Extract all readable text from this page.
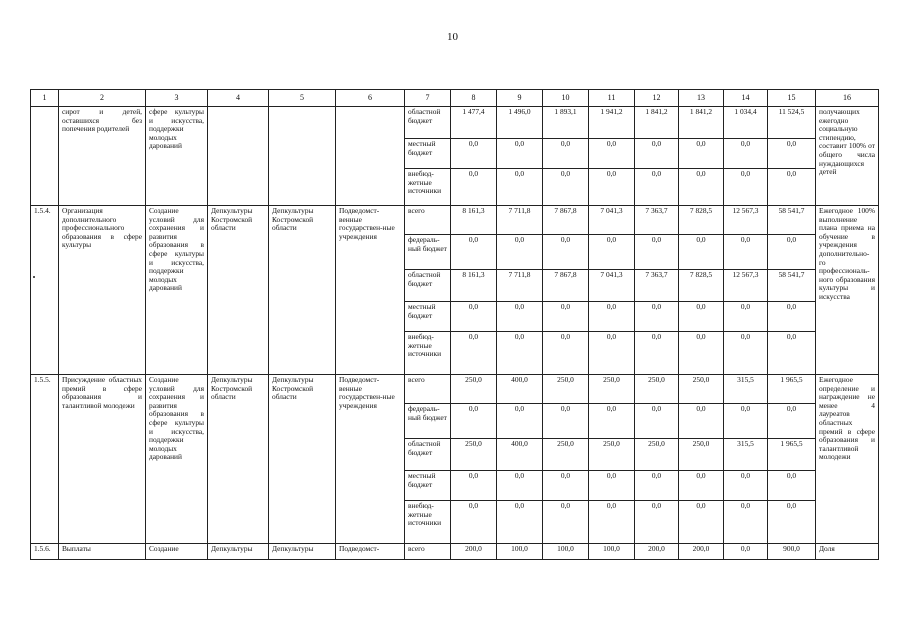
10
1	2	3	4	5	6	7	8	9	10	11	12	13	14	15	16
	сирот и детей, оставшихся без попечения родителей	сфере культуры и искусства, поддержки молодых дарований				областной бюджет	1 477,4	1 496,0	1 893,1	1 941,2	1 841,2	1 841,2	1 034,4	11 524,5	получающих ежегодно социальную стипендию, составит 100% от общего числа нуждающихся детей
						местный бюджет	0,0	0,0	0,0	0,0	0,0	0,0	0,0	0,0	
						внебюд-жетные источники	0,0	0,0	0,0	0,0	0,0	0,0	0,0	0,0	
1.5.4.	Организация дополнительного профессионального образования в сфере культуры	Создание условий для сохранения и развития образования в сфере культуры и искусства, поддержки молодых дарований	Депкультуры Костромской области	Депкультуры Костромской области	Подведомст-венные государствен-ные учреждения	всего	8 161,3	7 711,8	7 867,8	7 041,3	7 363,7	7 828,5	12 567,3	58 541,7	Ежегодное 100% выполнение плана приема на обучение в учреждения дополнительно-го профессиональ-ного образования культуры и искусства
						федераль-ный бюджет	0,0	0,0	0,0	0,0	0,0	0,0	0,0	0,0	
						областной бюджет	8 161,3	7 711,8	7 867,8	7 041,3	7 363,7	7 828,5	12 567,3	58 541,7	
						местный бюджет	0,0	0,0	0,0	0,0	0,0	0,0	0,0	0,0	
						внебюд-жетные источники	0,0	0,0	0,0	0,0	0,0	0,0	0,0	0,0	
1.5.5.	Присуждение областных премий в сфере образования и талантливой молодежи	Создание условий для сохранения и развития образования в сфере культуры и искусства, поддержки молодых дарований	Депкультуры Костромской области	Депкультуры Костромской области	Подведомст-венные государствен-ные учреждения	всего	250,0	400,0	250,0	250,0	250,0	250,0	315,5	1 965,5	Ежегодное определение и награждение не менее 4 лауреатов областных премий в сфере образования и талантливой молодежи
						федераль-ный бюджет	0,0	0,0	0,0	0,0	0,0	0,0	0,0	0,0	
						областной бюджет	250,0	400,0	250,0	250,0	250,0	250,0	315,5	1 965,5	
						местный бюджет	0,0	0,0	0,0	0,0	0,0	0,0	0,0	0,0	
						внебюд-жетные источники	0,0	0,0	0,0	0,0	0,0	0,0	0,0	0,0	
1.5.6.	Выплаты	Создание	Депкультуры	Депкультуры	Подведомст-	всего	200,0	100,0	100,0	100,0	200,0	200,0	0,0	900,0	Доля
